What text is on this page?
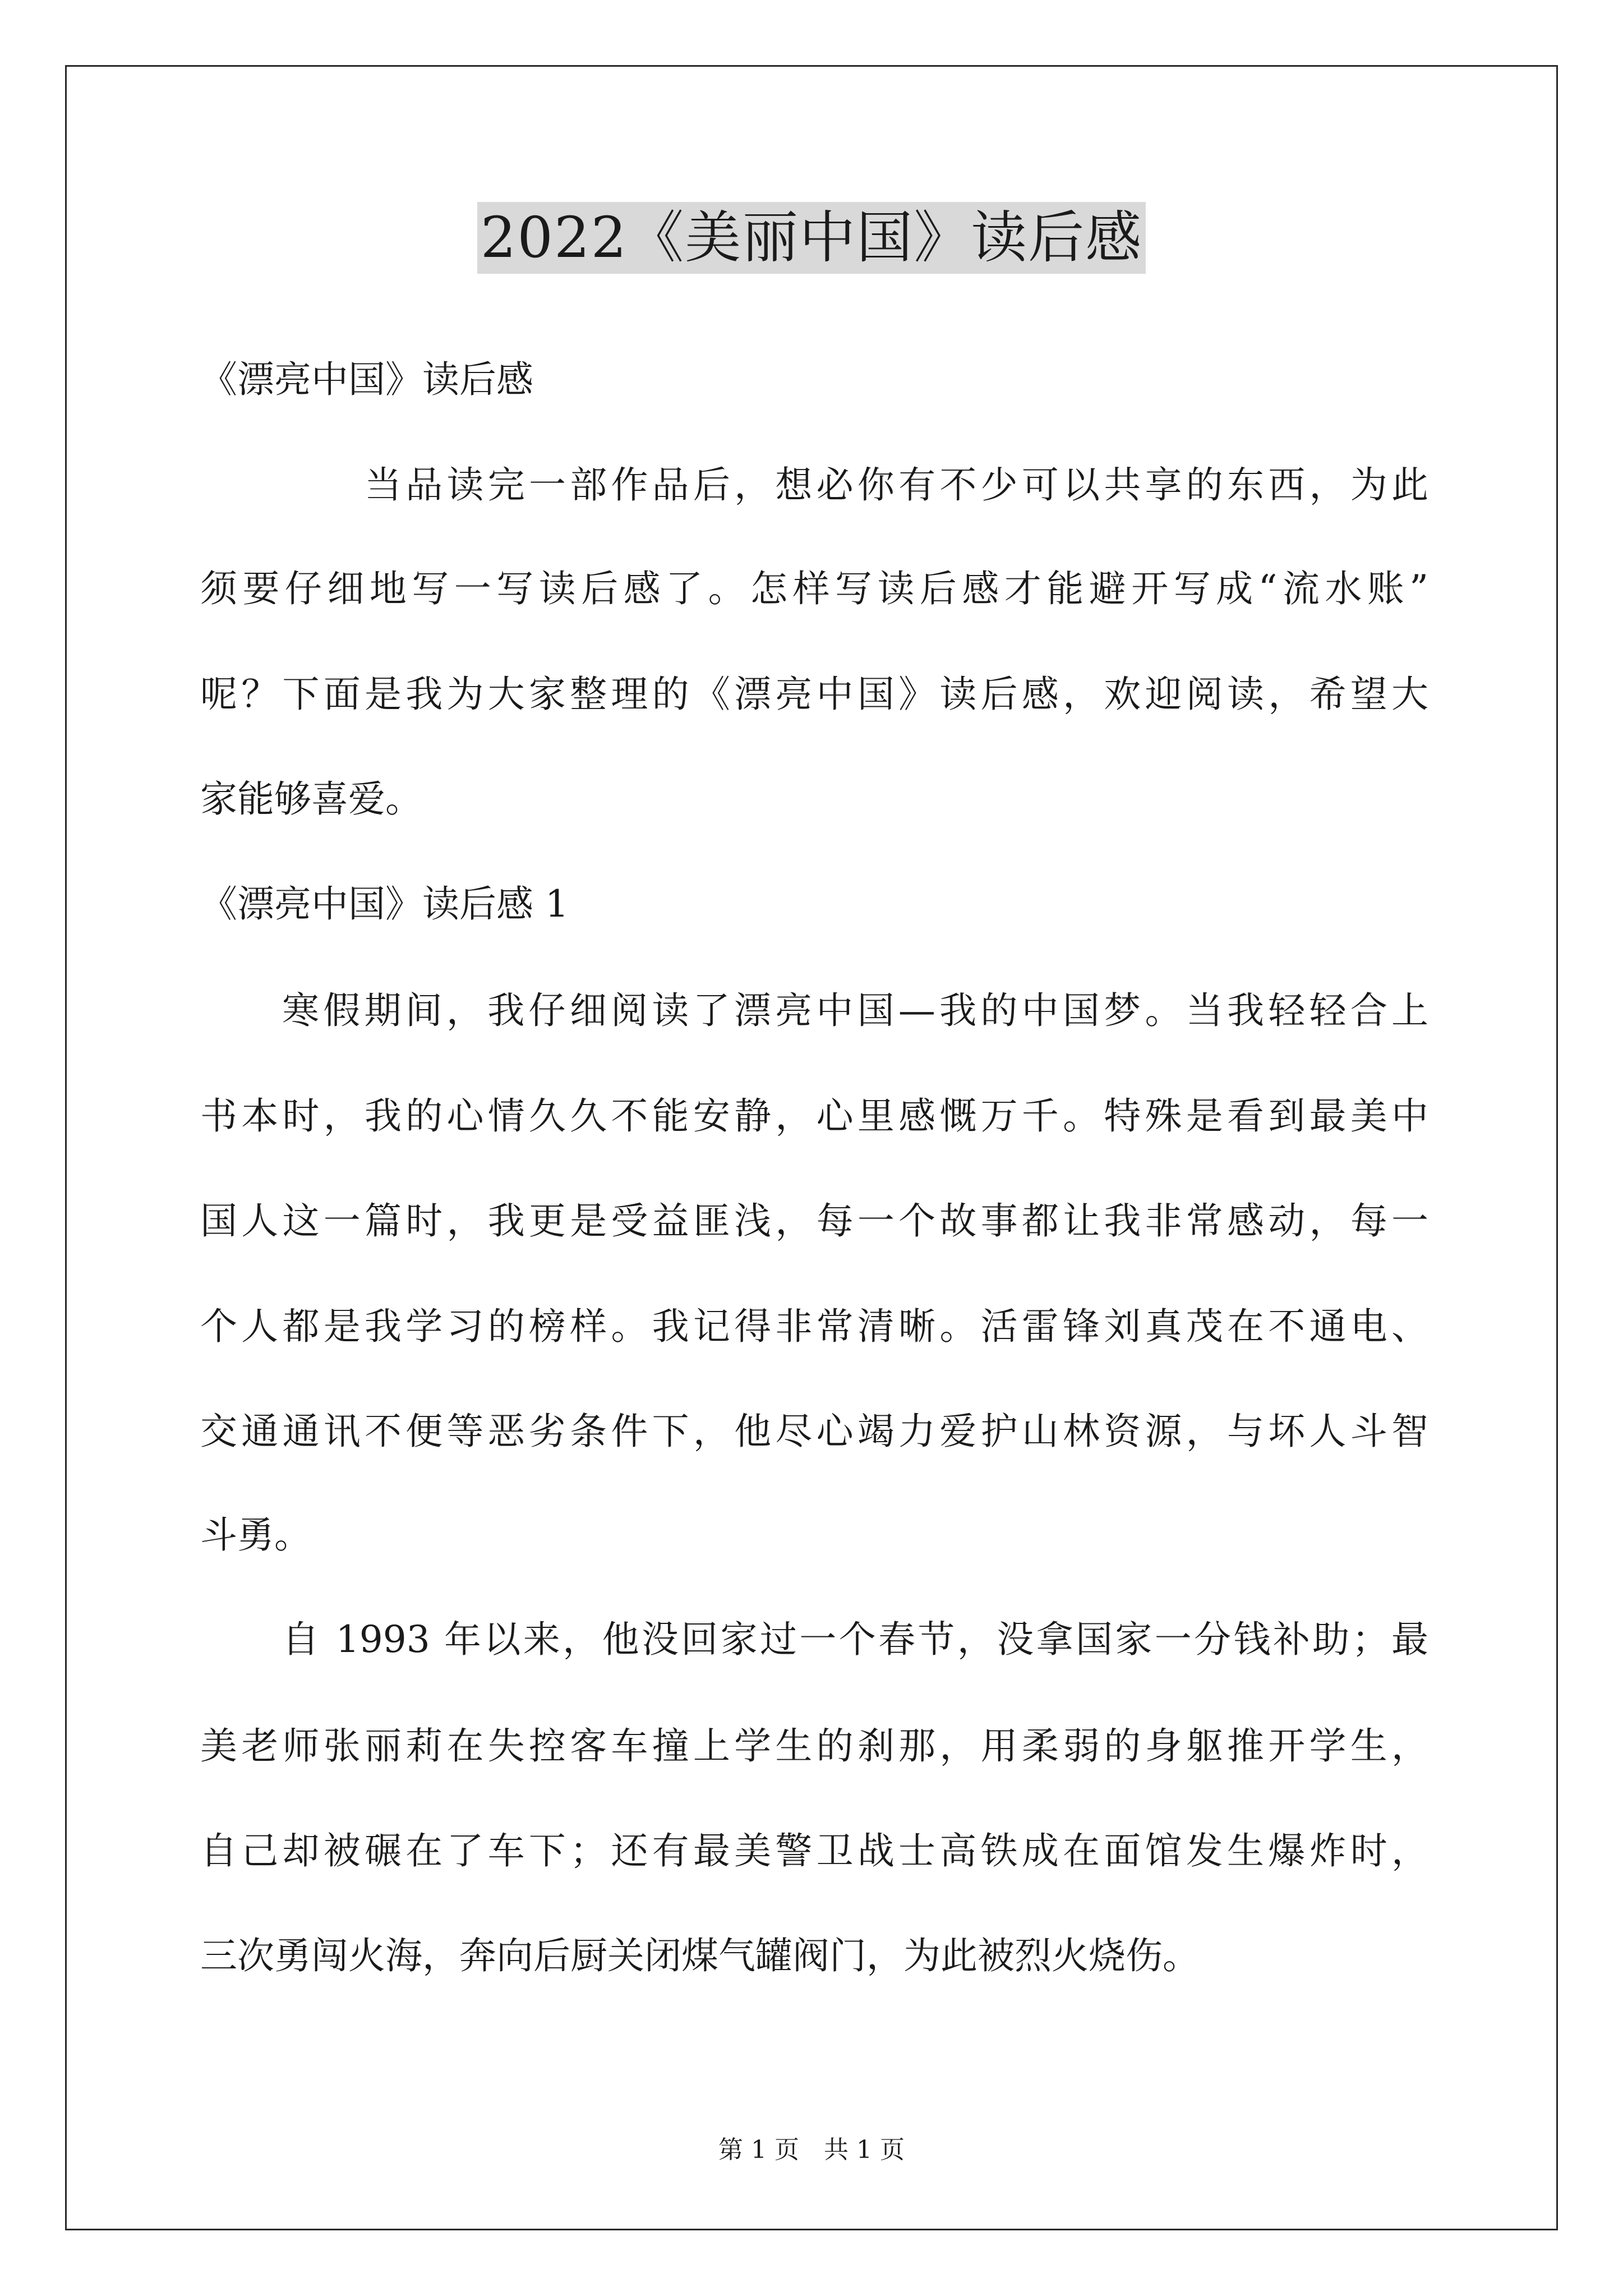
2022《美丽中国》读后感
《漂亮中国》读后感
当品读完一部作品后，想必你有不少可以共享的东西，为此
须要仔细地写一写读后感了。怎样写读后感才能避开写成“流水账”
呢？下面是我为大家整理的《漂亮中国》读后感，欢迎阅读，希望大
家能够喜爱。
《漂亮中国》读后感 1
寒假期间，我仔细阅读了漂亮中国—我的中国梦。当我轻轻合上
书本时，我的心情久久不能安静，心里感慨万千。特殊是看到最美中
国人这一篇时，我更是受益匪浅，每一个故事都让我非常感动，每一
个人都是我学习的榜样。我记得非常清晰。活雷锋刘真茂在不通电、
交通通讯不便等恶劣条件下，他尽心竭力爱护山林资源，与坏人斗智
斗勇。
自 1993 年以来，他没回家过一个春节，没拿国家一分钱补助；最
美老师张丽莉在失控客车撞上学生的刹那，用柔弱的身躯推开学生，
自己却被碾在了车下；还有最美警卫战士高铁成在面馆发生爆炸时，
三次勇闯火海，奔向后厨关闭煤气罐阀门，为此被烈火烧伤。
第 1 页　共 1 页
